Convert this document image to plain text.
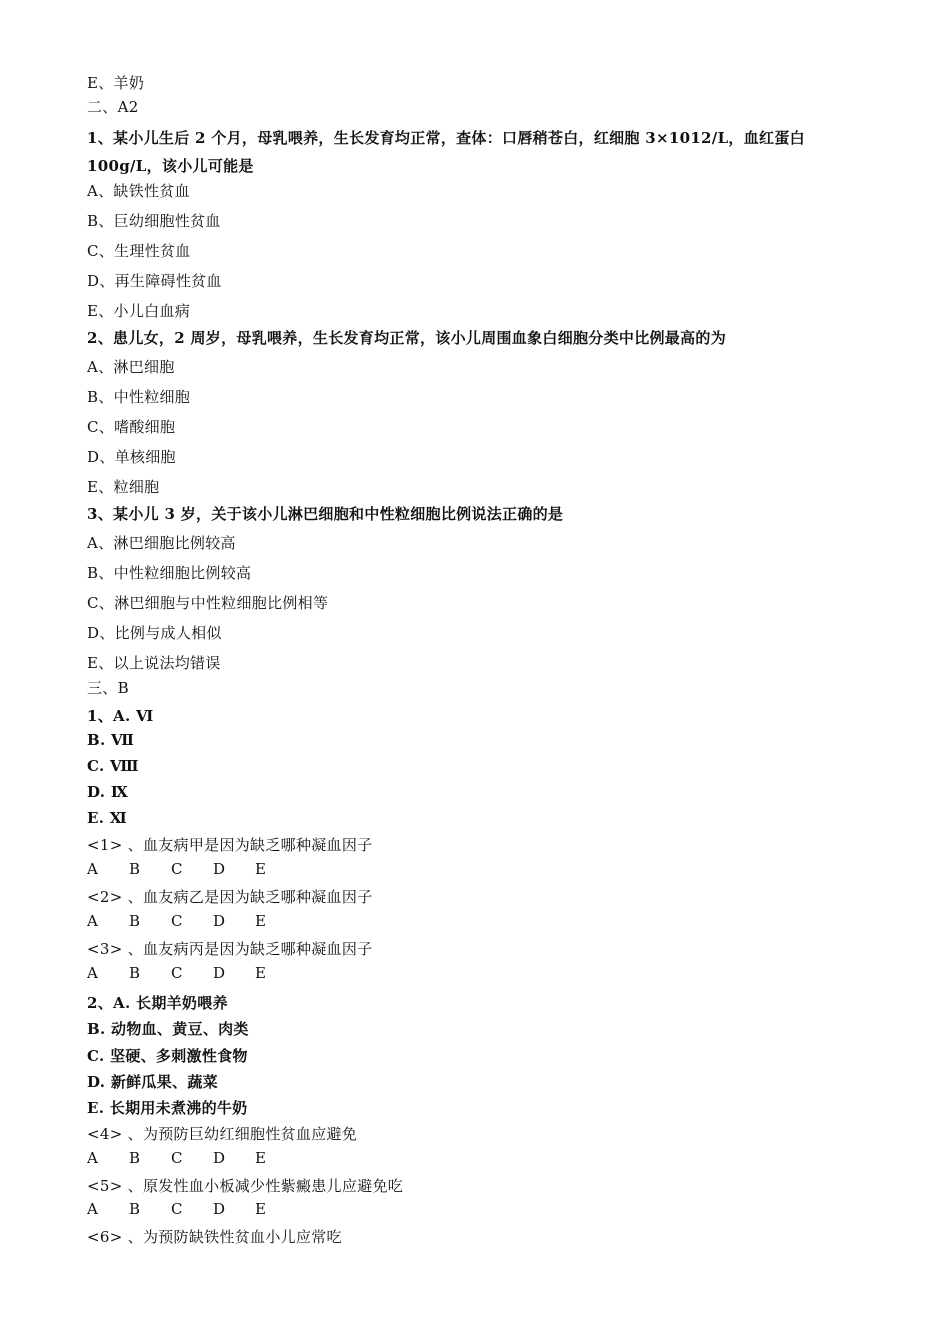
E、羊奶
二、A2
1、某小儿生后 2 个月，母乳喂养，生长发育均正常，查体：口唇稍苍白，红细胞 3×1012/L，血红蛋白 100g/L，该小儿可能是
A、缺铁性贫血
B、巨幼细胞性贫血
C、生理性贫血
D、再生障碍性贫血
E、小儿白血病
2、患儿女，2 周岁，母乳喂养，生长发育均正常，该小儿周围血象白细胞分类中比例最高的为
A、淋巴细胞
B、中性粒细胞
C、嗜酸细胞
D、单核细胞
E、粒细胞
3、某小儿 3 岁，关于该小儿淋巴细胞和中性粒细胞比例说法正确的是
A、淋巴细胞比例较高
B、中性粒细胞比例较高
C、淋巴细胞与中性粒细胞比例相等
D、比例与成人相似
E、以上说法均错误
三、B
1、A. Ⅵ
B. Ⅶ
C. Ⅷ
D. Ⅸ
E. Ⅺ
<1> 、血友病甲是因为缺乏哪种凝血因子
A B C D E
<2> 、血友病乙是因为缺乏哪种凝血因子
A B C D E
<3> 、血友病丙是因为缺乏哪种凝血因子
A B C D E
2、A. 长期羊奶喂养
B. 动物血、黄豆、肉类
C. 坚硬、多刺激性食物
D. 新鲜瓜果、蔬菜
E. 长期用未煮沸的牛奶
<4> 、为预防巨幼红细胞性贫血应避免
A B C D E
<5> 、原发性血小板减少性紫癜患儿应避免吃
A B C D E
<6> 、为预防缺铁性贫血小儿应常吃
